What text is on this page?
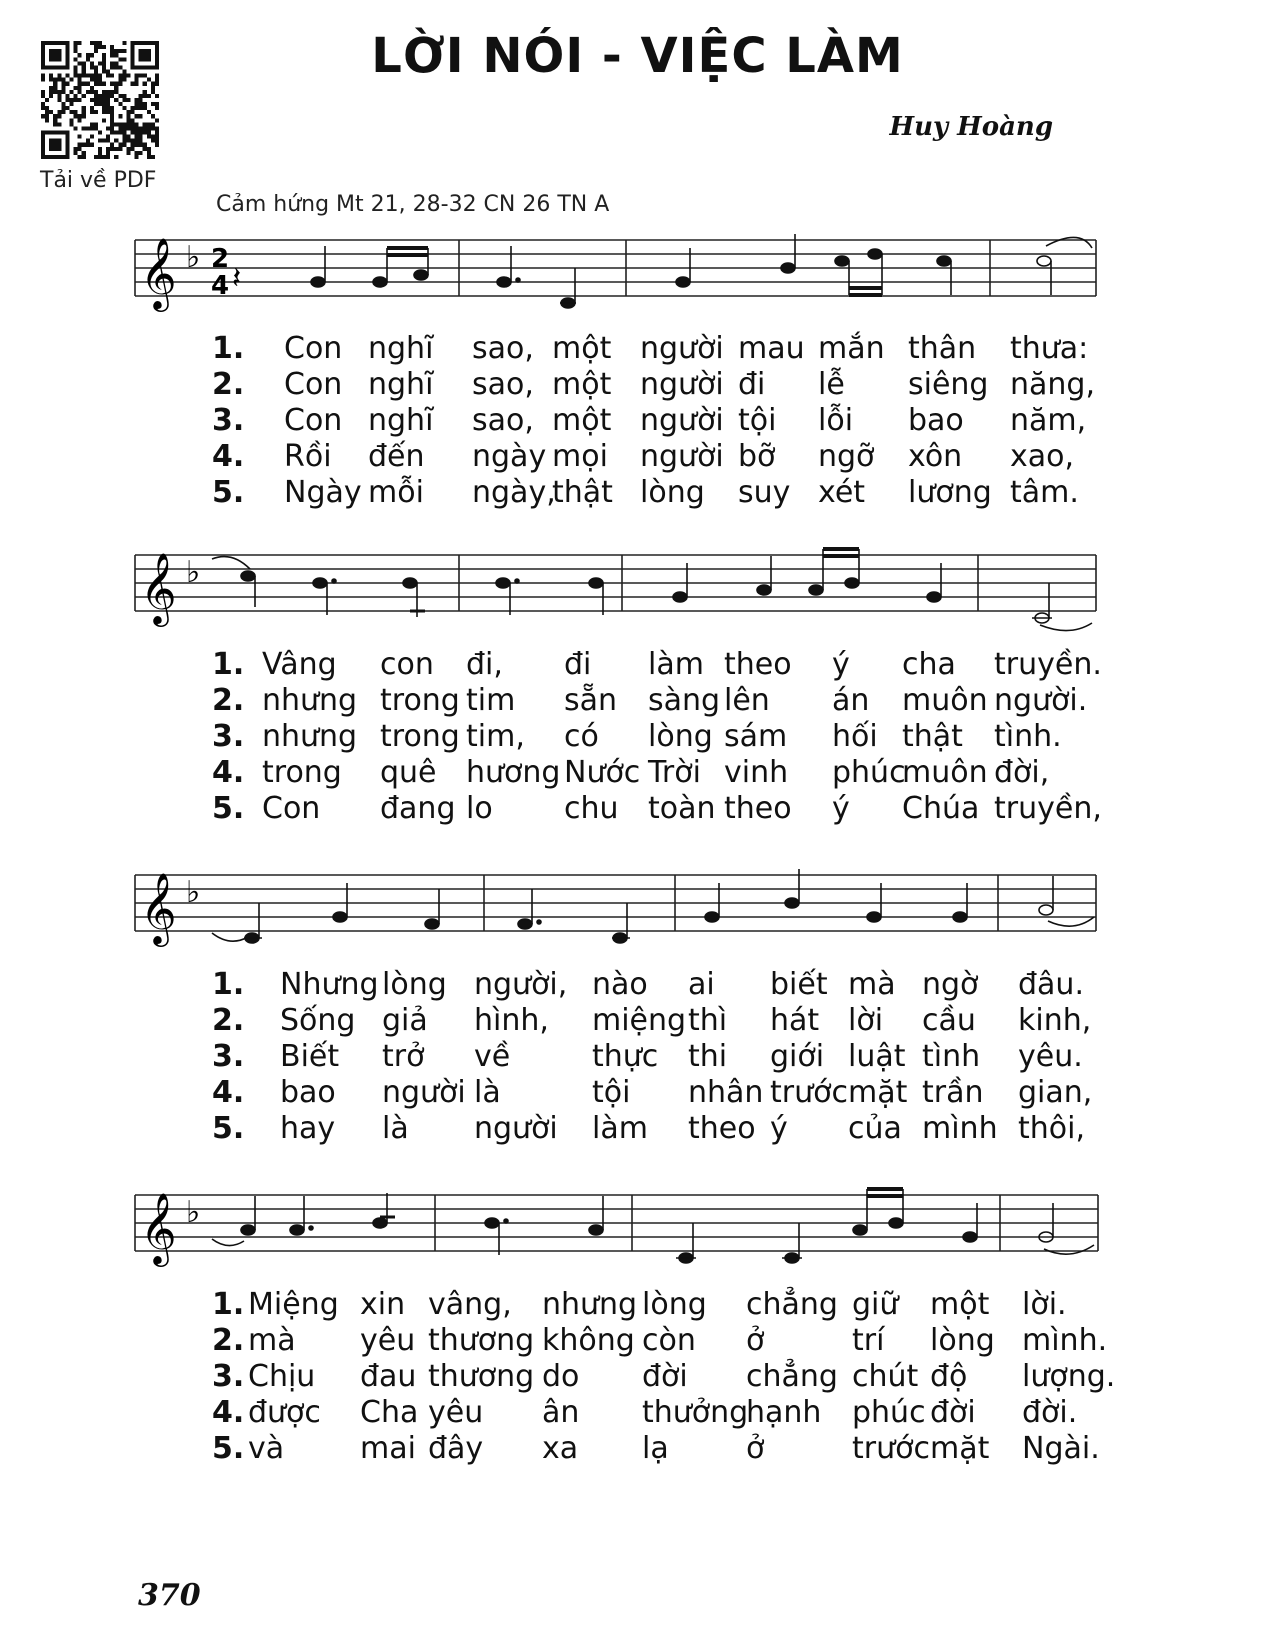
Tải về PDF
LỜI NÓI - VIỆC LÀM
Huy Hoàng
Cảm hứng Mt 21, 28-32 CN 26 TN A
𝄞 ♭ 2
4 𝄽
𝄞 ♭
𝄞 ♭
𝄞 ♭
1. Con nghĩ sao, một người mau mắn thân thưa:
2. Con nghĩ sao, một người đi lễ siêng năng,
3. Con nghĩ sao, một người tội lỗi bao năm,
4. Rồi đến ngày mọi người bỡ ngỡ xôn xao,
5. Ngày mỗi ngày,
thật lòng suy xét lương tâm.
1. Vâng con đi, đi làm theo ý cha truyền.
2. nhưng trong tim sẵn sàng lên án muôn người.
3. nhưng trong tim, có lòng sám hối thật tình.
4. trong quê hương Nước Trời vinh phúc
muôn đời,
5. Con đang lo chu toàn theo ý Chúa truyền,
1. Nhưng lòng người, nào ai biết mà ngờ đâu.
2. Sống giả hình, miệng thì hát lời cầu kinh,
3. Biết trở về	thực thi giới luật tình yêu.
4. bao người là	tội nhân trước mặt trần gian,
5. hay là người làm theo ý của mình thôi,
1. Miệng xin vâng, nhưng lòng chẳng giữ một lời.
2. mà yêu thương không còn ở	trí lòng mình.
3. Chịu đau thương do đời chẳng chút độ lượng.
4. được Cha yêu ân thưởng
hạnh phúc đời đời.
5. và	mai đây xa lạ	ở	trước mặt Ngài.
370
